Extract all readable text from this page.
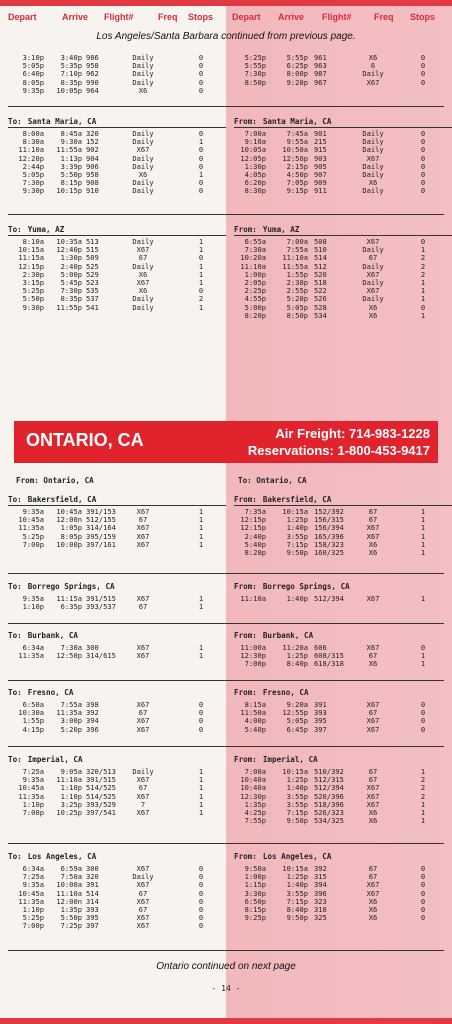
Depart	Arrive Flight#	Freq Stops Depart Arrive Flight#	Freq Stops
Los Angeles/Santa Barbara continued from previous page.
3:10p	3:40p 986	Daily	0
5:05p	5:35p 958	Daily	0
6:40p	7:10p 962	Daily	0
8:05p	8:35p 990	Daily	0
9:35p	10:05p 964	X6	0
5:25p	5:55p 961	X6	0
5:55p	6:25p 963	6	0
7:30p	8:00p 987	Daily	0
8:50p	9:20p 967	X67	0
To: Santa Maria, CA
8:00a	8:45a 320	Daily	0
8:30a	9:30a 152	Daily	1
11:10a	11:55a 902	X67	0
12:20p	1:13p 904	Daily	0
2:44p	3:39p 906	Daily	0
5:05p	5:50p 958	X6	1
7:30p	8:15p 908	Daily	0
9:30p	10:15p 910	Daily	0
From: Santa Maria, CA
7:00a	7:45a 901	Daily	0
9:10a	9:55a 215	Daily	0
10:05a	10:50a 915	Daily	0
12:05p	12:50p 903	X67	0
1:30p	2:15p 905	Daily	0
4:05p	4:50p 907	Daily	0
6:20p	7:05p 909	X6	0
8:30p	9:15p 911	Daily	0
To: Yuma, AZ
8:10a	10:35a 513	Daily	1
10:15a	12:40p 515	X67	1
11:15a	1:30p 509	67	0
12:15p	2:40p 525	Daily	1
2:30p	5:00p 529	X6	1
3:15p	5:45p 523	X67	1
5:25p	7:30p 535	X6	0
5:50p	8:35p 537	Daily	2
9:30p	11:55p 541	Daily	1
From: Yuma, AZ
6:55a	7:00a 508	X67	0
7:30a	7:55a 510	Daily	1
10:20a	11:10a 514	67	2
11:10a	11:55a 512	Daily	2
1:00p	1:55p 520	X67	2
2:05p	2:30p 518	Daily	1
2:25p	2:55p 522	X67	1
4:55p	5:20p 526	Daily	1
5:00p	5:05p 528	X6	0
8:20p	8:50p 534	X6	1
ONTARIO, CA	Air Freight: 714-983-1228
Reservations: 1-800-453-9417
From: Ontario, CA	To: Ontario, CA
To: Bakersfield, CA
9:35a	10:45a 391/153	X67	1
10:45a	12:00n 512/155	67	1
11:35a	1:05p 314/164	X67	1
5:25p	8:05p 395/159	X67	1
7:00p	10:00p 397/161	X67	1
From: Bakersfield, CA
7:35a	10:15a 152/392	67	1
12:15p	1:25p 156/315	67	1
12:15p	1:40p 156/394	X67	1
2:40p	3:55p 165/396	X67	1
5:40p	7:15p 158/323	X6	1
8:20p	9:50p 160/325	X6	1
To: Borrego Springs, CA
9:35a	11:15a 391/515	X67	1
1:10p	6:35p 393/537	67	1
From: Borrego Springs, CA
11:10a	1:40p 512/394	X67	1
To: Burbank, CA
6:34a	7:30a 300	X67	1
11:35a	12:50p 314/615	X67	1
From: Burbank, CA
11:00a	11:20a 606	X67	0
12:30p	1:25p 608/315	67	1
7:00p	8:40p 618/318	X6	1
To: Fresno, CA
6:50a	7:55a 398	X67	0
10:30a	11:35a 392	67	0
1:55p	3:00p 394	X67	0
4:15p	5:20p 396	X67	0
From: Fresno, CA
8:15a	9:20a 391	X67	0
11:50a	12:55p 393	67	0
4:00p	5:05p 395	X67	0
5:40p	6:45p 397	X67	0
To: Imperial, CA
7:25a	9:05a 320/513	Daily	1
9:35a	11:10a 391/515	X67	1
10:45a	1:10p 514/525	67	1
11:35a	1:10p 514/525	X67	1
1:10p	3:25p 393/529	7	1
7:00p	10:25p 397/541	X67	1
From: Imperial, CA
7:00a	10:15a 510/392	67	1
10:40a	1:25p 512/315	67	2
10:40a	1:40p 512/394	X67	2
12:30p	3:55p 520/396	X67	2
1:35p	3:55p 518/396	X67	1
4:25p	7:15p 526/323	X6	1
7:55p	9:50p 534/325	X6	1
To: Los Angeles, CA
6:34a	6:59a 300	X67	0
7:25a	7:50a 320	Daily	0
9:35a	10:00a 391	X67	0
10:45a	11:10a 514	67	0
11:35a	12:00n 314	X67	0
1:10p	1:35p 393	67	0
5:25p	5:50p 395	X67	0
7:00p	7:25p 397	X67	0
From: Los Angeles, CA
9:50a	10:15a 392	67	0
1:00p	1:25p 315	67	0
1:15p	1:40p 394	X67	0
3:30p	3:55p 396	X67	0
6:50p	7:15p 323	X6	0
8:15p	8:40p 318	X6	0
9:25p	9:50p 325	X6	0
Ontario continued on next page
- 14 -
